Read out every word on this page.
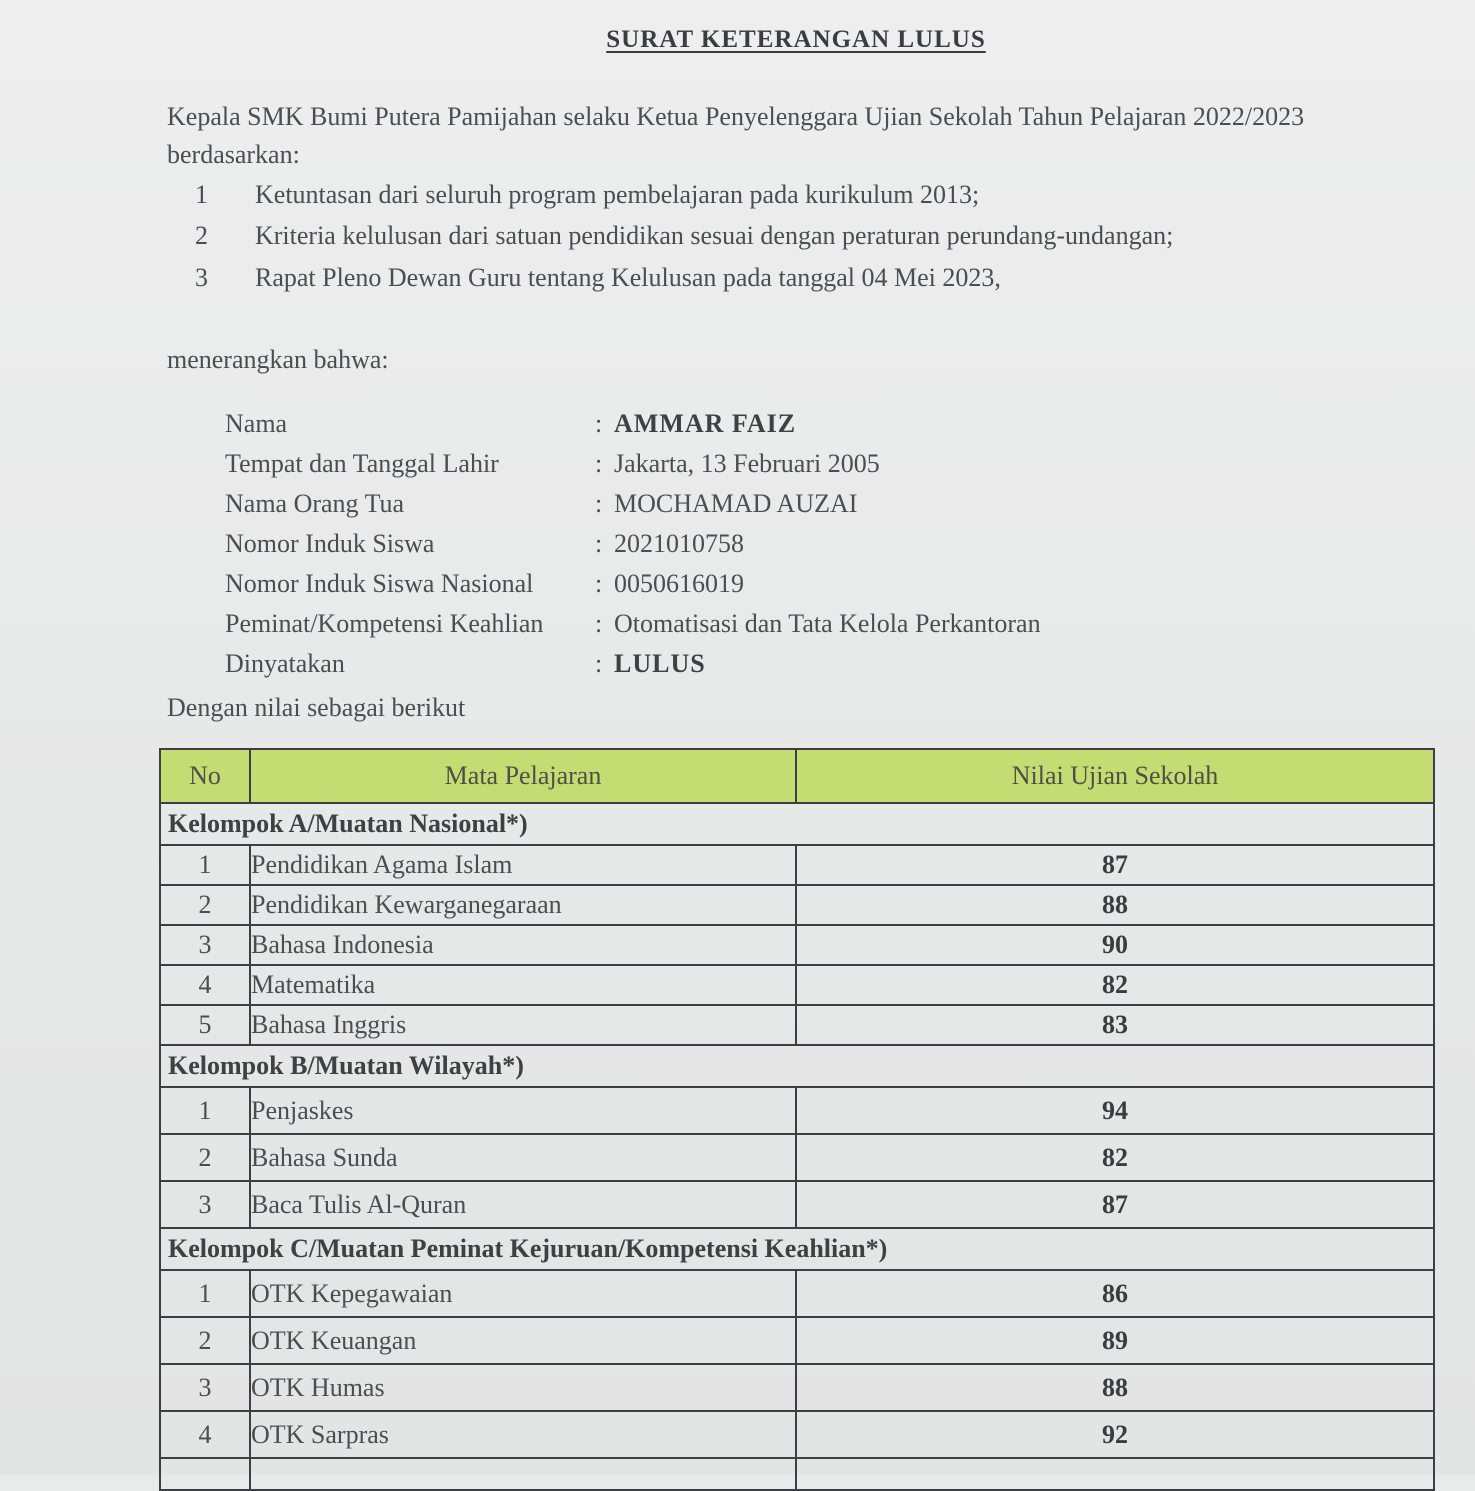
SURAT KETERANGAN LULUS
Kepala SMK Bumi Putera Pamijahan selaku Ketua Penyelenggara Ujian Sekolah Tahun Pelajaran 2022/2023 berdasarkan:
1 Ketuntasan dari seluruh program pembelajaran pada kurikulum 2013;
2 Kriteria kelulusan dari satuan pendidikan sesuai dengan peraturan perundang-undangan;
3 Rapat Pleno Dewan Guru tentang Kelulusan pada tanggal 04 Mei 2023,
menerangkan bahwa:
Nama	: AMMAR FAIZ
Tempat dan Tanggal Lahir	: Jakarta, 13 Februari 2005
Nama Orang Tua	: MOCHAMAD AUZAI
Nomor Induk Siswa	: 2021010758
Nomor Induk Siswa Nasional	: 0050616019
Peminat/Kompetensi Keahlian	: Otomatisasi dan Tata Kelola Perkantoran
Dinyatakan	: LULUS
Dengan nilai sebagai berikut
No	Mata Pelajaran	Nilai Ujian Sekolah
Kelompok A/Muatan Nasional*)		
1	Pendidikan Agama Islam	87
2	Pendidikan Kewarganegaraan	88
3	Bahasa Indonesia	90
4	Matematika	82
5	Bahasa Inggris	83
Kelompok B/Muatan Wilayah*)		
1	Penjaskes	94
2	Bahasa Sunda	82
3	Baca Tulis Al-Quran	87
Kelompok C/Muatan Peminat Kejuruan/Kompetensi Keahlian*)		
1	OTK Kepegawaian	86
2	OTK Keuangan	89
3	OTK Humas	88
4	OTK Sarpras	92
